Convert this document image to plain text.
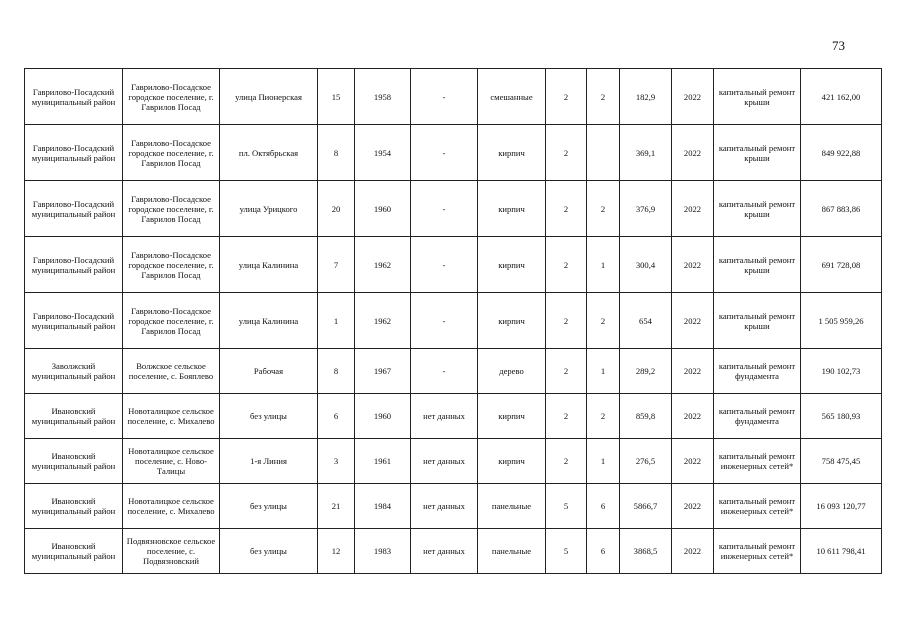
73
Гаврилово-Посадский муниципальный район	Гаврилово-Посадское городское поселение, г. Гаврилов Посад	улица Пионерская	15	1958	-	смешанные	2	2	182,9	2022	капитальный ремонт крыши	421 162,00
Гаврилово-Посадский муниципальный район	Гаврилово-Посадское городское поселение, г. Гаврилов Посад	пл. Октябрьская	8	1954	-	кирпич	2		369,1	2022	капитальный ремонт крыши	849 922,88
Гаврилово-Посадский муниципальный район	Гаврилово-Посадское городское поселение, г. Гаврилов Посад	улица Урицкого	20	1960	-	кирпич	2	2	376,9	2022	капитальный ремонт крыши	867 883,86
Гаврилово-Посадский муниципальный район	Гаврилово-Посадское городское поселение, г. Гаврилов Посад	улица Калинина	7	1962	-	кирпич	2	1	300,4	2022	капитальный ремонт крыши	691 728,08
Гаврилово-Посадский муниципальный район	Гаврилово-Посадское городское поселение, г. Гаврилов Посад	улица Калинина	1	1962	-	кирпич	2	2	654	2022	капитальный ремонт крыши	1 505 959,26
Заволжский муниципальный район	Волжское сельское поселение, с. Бояплево	Рабочая	8	1967	-	дерево	2	1	289,2	2022	капитальный ремонт фундамента	190 102,73
Ивановский муниципальный район	Новоталицкое сельское поселение, с. Михалево	без улицы	6	1960	нет данных	кирпич	2	2	859,8	2022	капитальный ремонт фундамента	565 180,93
Ивановский муниципальный район	Новоталицкое сельское поселение, с. Ново-Талицы	1-я Линия	3	1961	нет данных	кирпич	2	1	276,5	2022	капитальный ремонт инженерных сетей*	758 475,45
Ивановский муниципальный район	Новоталицкое сельское поселение, с. Михалево	без улицы	21	1984	нет данных	панельные	5	6	5866,7	2022	капитальный ремонт инженерных сетей*	16 093 120,77
Ивановский муниципальный район	Подвязновское сельское поселение, с. Подвязновский	без улицы	12	1983	нет данных	панельные	5	6	3868,5	2022	капитальный ремонт инженерных сетей*	10 611 798,41
